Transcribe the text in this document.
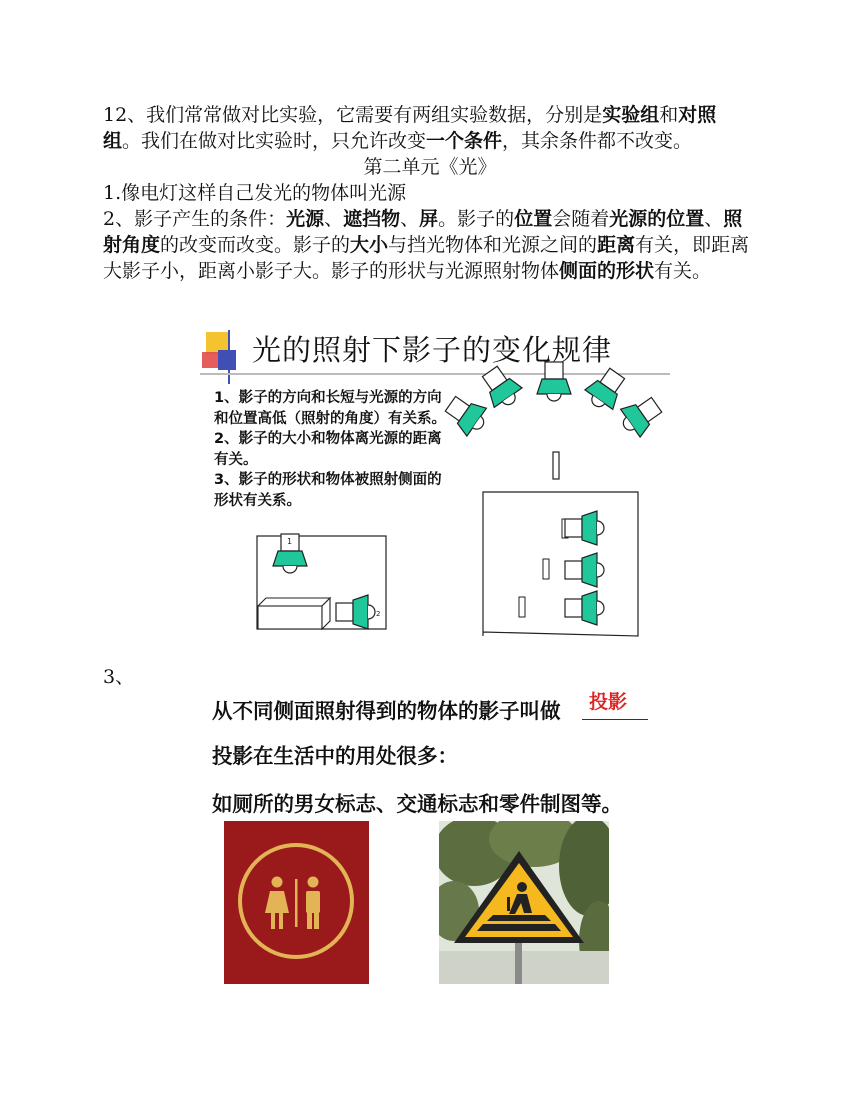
12、我们常常做对比实验，它需要有两组实验数据，分别是实验组和对照组。我们在做对比实验时，只允许改变一个条件，其余条件都不改变。

第二单元《光》

1.像电灯这样自己发光的物体叫光源

2、影子产生的条件：光源、遮挡物、屏。影子的位置会随着光源的位置、照射角度的改变而改变。影子的大小与挡光物体和光源之间的距离有关，即距离大影子小，距离小影子大。影子的形状与光源照射物体侧面的形状有关。

1
2
光的照射下影子的变化规律
1、影子的方向和长短与光源的方向和位置高低（照射的角度）有关系。
2、影子的大小和物体离光源的距离有关。
3、影子的形状和物体被照射侧面的形状有关系。

3、

从不同侧面照射得到的物体的影子叫做 投影
投影在生活中的用处很多：
如厕所的男女标志、交通标志和零件制图等。
